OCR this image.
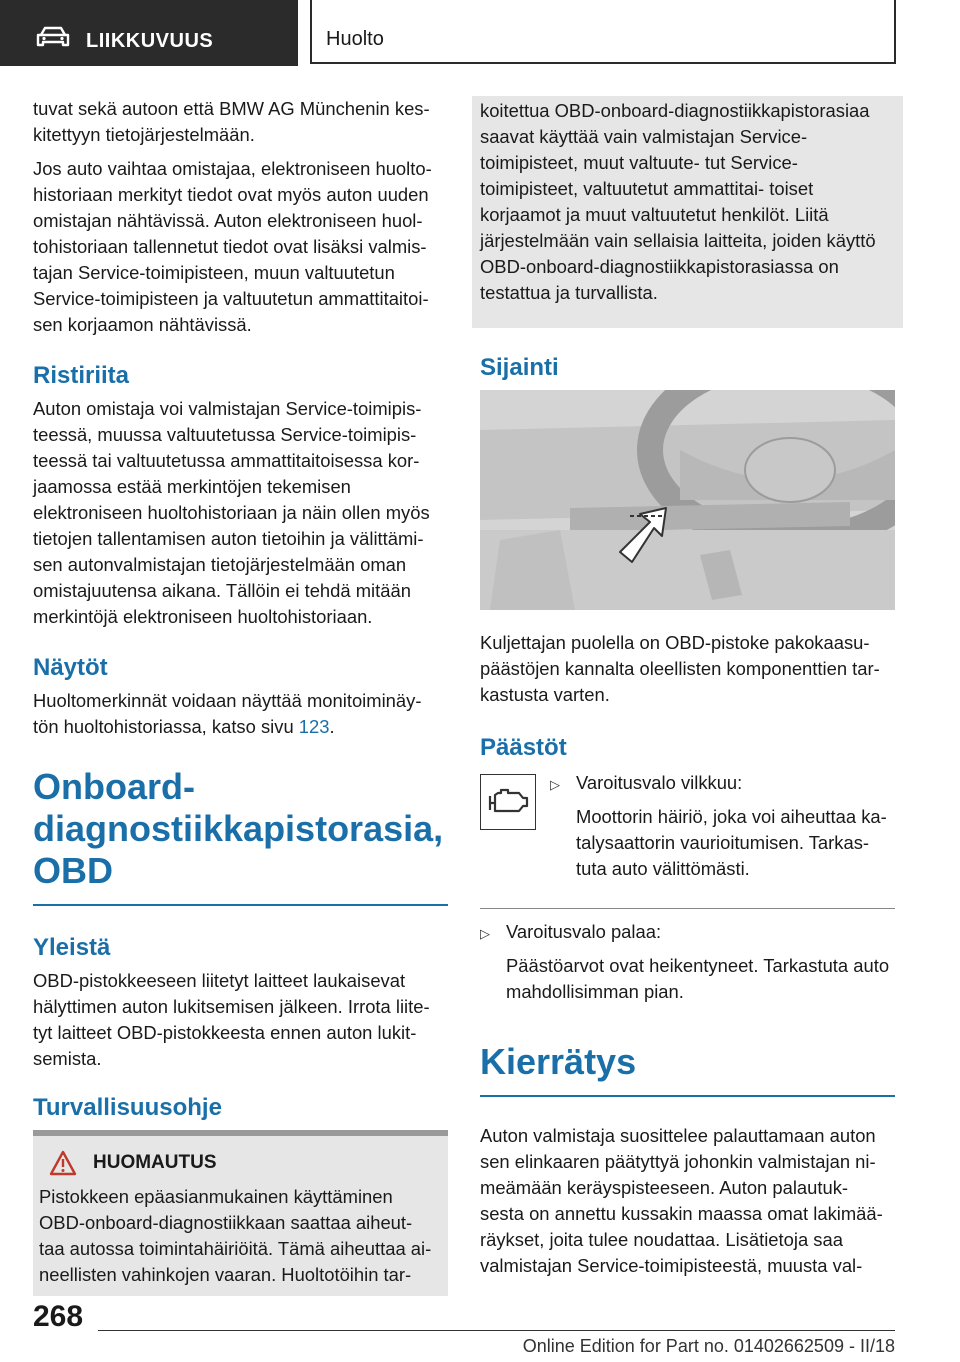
LIIKKUVUUS	Huolto

tuvat sekä autoon että BMW AG Münchenin kes‐ kitettyyn tietojärjestelmään.

Jos auto vaihtaa omistajaa, elektroniseen huolto‐ historiaan merkityt tiedot ovat myös auton uuden omistajan nähtävissä. Auton elektroniseen huol‐ tohistoriaan tallennetut tiedot ovat lisäksi valmis‐ tajan Service-toimipisteen, muun valtuutetun Service-toimipisteen ja valtuutetun ammattitaitoi‐ sen korjaamon nähtävissä.

Ristiriita

Auton omistaja voi valmistajan Service-toimipis‐ teessä, muussa valtuutetussa Service-toimipis‐ teessä tai valtuutetussa ammattitaitoisessa kor‐ jaamossa estää merkintöjen tekemisen elektroniseen huoltohistoriaan ja näin ollen myös tietojen tallentamisen auton tietoihin ja välittämi‐ sen autonvalmistajan tietojärjestelmään oman omistajuutensa aikana. Tällöin ei tehdä mitään merkintöjä elektroniseen huoltohistoriaan.

Näytöt

Huoltomerkinnät voidaan näyttää monitoiminäy‐ tön huoltohistoriassa, katso sivu 123.

Onboard-diagnostiikkapistorasia, OBD
Yleistä

OBD-pistokkeeseen liitetyt laitteet laukaisevat hälyttimen auton lukitsemisen jälkeen. Irrota liite‐ tyt laitteet OBD-pistokkeesta ennen auton lukit‐ semista.

Turvallisuusohje
HUOMAUTUS

Pistokkeen epäasianmukainen käyttäminen OBD-onboard-diagnostiikkaan saattaa aiheut‐ taa autossa toimintahäiriöitä. Tämä aiheuttaa ai‐ neellisten vahinkojen vaaran. Huoltotöihin tar‐

koitettua OBD-onboard-diagnostiikkapistorasiaa saavat käyttää vain valmistajan Service-toimipisteet, muut valtuute‐ tut Service-toimipisteet, valtuutetut ammattitai‐ toiset korjaamot ja muut valtuutetut henkilöt. Liitä järjestelmään vain sellaisia laitteita, joiden käyttö OBD-onboard-diagnostiikkapistorasiassa on testattua ja turvallista.

Sijainti

Kuljettajan puolella on OBD-pistoke pakokaasu‐ päästöjen kannalta oleellisten komponenttien tar‐ kastusta varten.

Päästöt
▷ Varoitusvalo vilkkuu:
Moottorin häiriö, joka voi aiheuttaa ka‐ talysaattorin vaurioitumisen. Tarkas‐ tuta auto välittömästi.
▷ Varoitusvalo palaa:
Päästöarvot ovat heikentyneet. Tarkastuta auto mahdollisimman pian.
Kierrätys

Auton valmistaja suosittelee palauttamaan auton sen elinkaaren päätyttyä johonkin valmistajan ni‐ meämään keräyspisteeseen. Auton palautuk‐ sesta on annettu kussakin maassa omat lakimää‐ räykset, joita tulee noudattaa. Lisätietoja saa valmistajan Service-toimipisteestä, muusta val‐

268
Online Edition for Part no. 01402662509 - II/18
